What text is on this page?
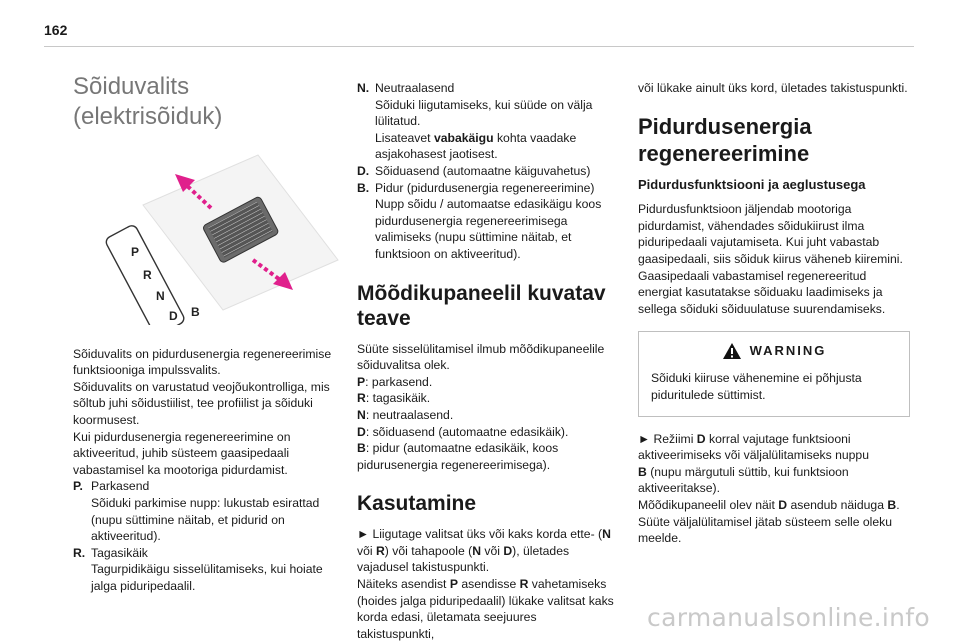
162
Sõiduvalits (elektrisõiduk)
P
R
N
D B

Sõiduvalits on pidurdusenergia regenereerimise funktsiooniga impulssvalits.

Sõiduvalits on varustatud veojõukontrolliga, mis sõltub juhi sõidustiilist, tee profiilist ja sõiduki koormusest.

Kui pidurdusenergia regenereerimine on aktiveeritud, juhib süsteem gaasipedaali vabastamisel ka mootoriga pidurdamist.

P. Parkasend

Sõiduki parkimise nupp: lukustab esirattad (nupu süttimine näitab, et pidurid on aktiveeritud).

R. Tagasikäik

Tagurpidikäigu sisselülitamiseks, kui hoiate jalga piduripedaalil.

N. Neutraalasend

Sõiduki liigutamiseks, kui süüde on välja lülitatud.

Lisateavet vabakäigu kohta vaadake asjakohasest jaotisest.

D. Sõiduasend (automaatne käiguvahetus)

B. Pidur (pidurdusenergia regenereerimine)

Nupp sõidu / automaatse edasikäigu koos pidurdusenergia regenereerimisega valimiseks (nupu süttimine näitab, et funktsioon on aktiveeritud).

Mõõdikupaneelil kuvatav teave

Süüte sisselülitamisel ilmub mõõdikupaneelile sõiduvalitsa olek.

P: parkasend.

R: tagasikäik.

N: neutraalasend.

D: sõiduasend (automaatne edasikäik).

B: pidur (automaatne edasikäik, koos pidurusenergia regenereerimisega).

Kasutamine

► Liigutage valitsat üks või kaks korda ette- (N või R) või tahapoole (N või D), ületades vajadusel takistuspunkti.

Näiteks asendist P asendisse R vahetamiseks (hoides jalga piduripedaalil) lükake valitsat kaks korda edasi, ületamata seejuures takistuspunkti,

või lükake ainult üks kord, ületades takistuspunkti.

Pidurdusenergia regenereerimine
Pidurdusfunktsiooni ja aeglustusega

Pidurdusfunktsioon jäljendab mootoriga pidurdamist, vähendades sõidukiirust ilma piduripedaali vajutamiseta. Kui juht vabastab gaasipedaali, siis sõiduk kiirus väheneb kiiremini. Gaasipedaali vabastamisel regenereeritud energiat kasutatakse sõiduaku laadimiseks ja sellega sõiduki sõiduulatuse suurendamiseks.

WARNING

Sõiduki kiiruse vähenemine ei põhjusta piduritulede süttimist.

► Režiimi D korral vajutage funktsiooni aktiveerimiseks või väljalülitamiseks nuppu
B (nupu märgutuli süttib, kui funktsioon aktiveeritakse).

Mõõdikupaneelil olev näit D asendub näiduga B.

Süüte väljalülitamisel jätab süsteem selle oleku meelde.

carmanualsonline.info
